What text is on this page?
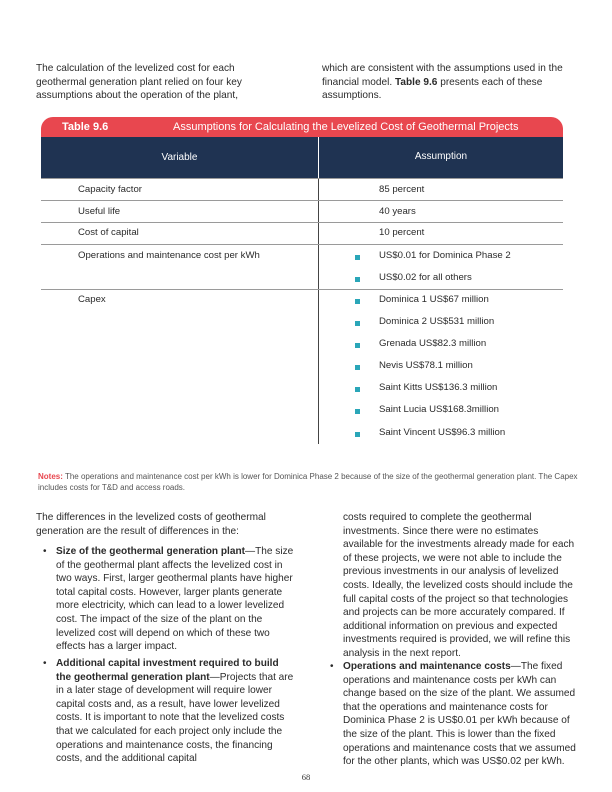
The calculation of the levelized cost for each geothermal generation plant relied on four key assumptions about the operation of the plant,
which are consistent with the assumptions used in the financial model. Table 9.6 presents each of these assumptions.
Table 9.6	Assumptions for Calculating the Levelized Cost of Geothermal Projects
Variable	Assumption
Capacity factor	85 percent
Useful life	40 years
Cost of capital	10 percent
Operations and maintenance cost per kWh	US$0.01 for Dominica Phase 2
US$0.02 for all others
Capex	Dominica 1 US$67 million
Dominica 2 US$531 million
Grenada US$82.3 million
Nevis US$78.1 million
Saint Kitts US$136.3 million
Saint Lucia US$168.3million
Saint Vincent US$96.3 million
Notes: The operations and maintenance cost per kWh is lower for Dominica Phase 2 because of the size of the geothermal generation plant. The Capex includes costs for T&D and access roads.
The differences in the levelized costs of geothermal generation are the result of differences in the:
• Size of the geothermal generation plant—The size of the geothermal plant affects the levelized cost in two ways. First, larger geothermal plants have higher total capital costs. However, larger plants generate more electricity, which can lead to a lower levelized cost. The impact of the size of the plant on the levelized cost will depend on which of these two effects has a larger impact.
• Additional capital investment required to build the geothermal generation plant—Projects that are in a later stage of development will require lower capital costs and, as a result, have lower levelized costs. It is important to note that the levelized costs that we calculated for each project only include the operations and maintenance costs, the financing costs, and the additional capital
costs required to complete the geothermal investments. Since there were no estimates available for the investments already made for each of these projects, we were not able to include the previous investments in our analysis of levelized costs. Ideally, the levelized costs should include the full capital costs of the project so that technologies and projects can be more accurately compared. If additional information on previous and expected investments required is provided, we will refine this analysis in the next report.
• Operations and maintenance costs—The fixed operations and maintenance costs per kWh can change based on the size of the plant. We assumed that the operations and maintenance costs for Dominica Phase 2 is US$0.01 per kWh because of the size of the plant. This is lower than the fixed operations and maintenance costs that we assumed for the other plants, which was US$0.02 per kWh.
68
